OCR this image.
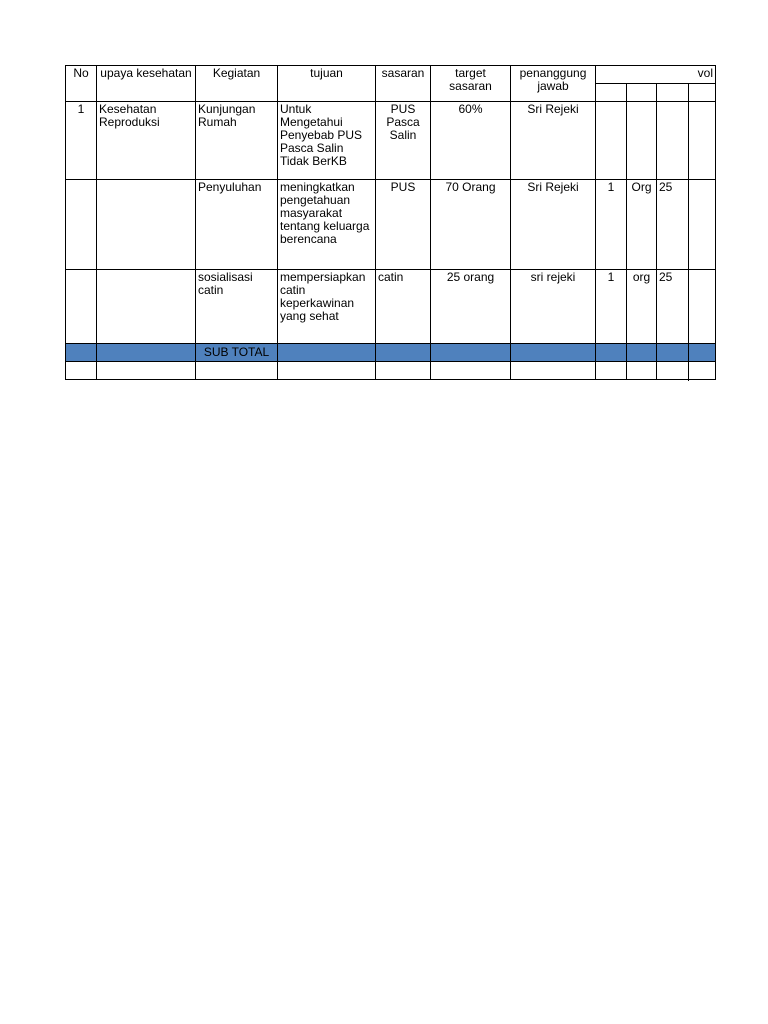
No	upaya kesehatan	Kegiatan	tujuan	sasaran	target sasaran	penanggung jawab	vol		

1	Kesehatan Reproduksi	Kunjungan Rumah	Untuk Mengetahui Penyebab PUS Pasca Salin Tidak BerKB	PUS Pasca Salin	60%	Sri Rejeki			
		Penyuluhan	meningkatkan pengetahuan masyarakat tentang keluarga berencana	PUS	70 Orang	Sri Rejeki	1	Org	25
		sosialisasi catin	mempersiapkan catin keperkawinan yang sehat	catin	25 orang	sri rejeki	1	org	25
		SUB TOTAL							
